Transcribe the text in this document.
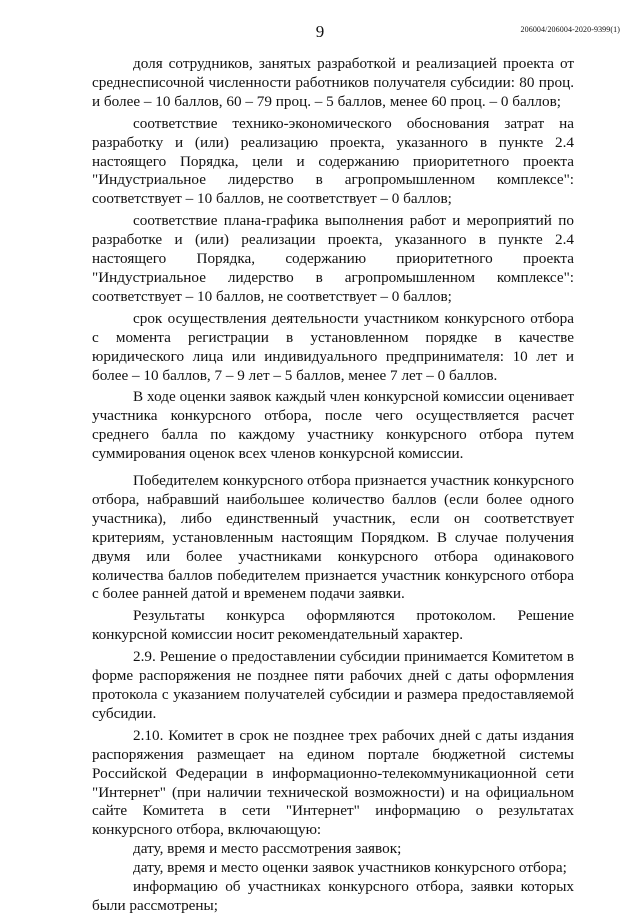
9	206004/206004-2020-9399(1)

доля сотрудников, занятых разработкой и реализацией проекта от среднесписочной численности работников получателя субсидии: 80 проц. и более – 10 баллов, 60 – 79 проц. – 5 баллов, менее 60 проц. – 0 баллов;

соответствие технико-экономического обоснования затрат на разработку и (или) реализацию проекта, указанного в пункте 2.4 настоящего Порядка, цели и содержанию приоритетного проекта "Индустриальное лидерство в агропромышленном комплексе": соответствует – 10 баллов, не соответствует – 0 баллов;

соответствие плана-графика выполнения работ и мероприятий по разработке и (или) реализации проекта, указанного в пункте 2.4 настоящего Порядка, содержанию приоритетного проекта "Индустриальное лидерство в агропромышленном комплексе": соответствует – 10 баллов, не соответствует – 0 баллов;

срок осуществления деятельности участником конкурсного отбора с момента регистрации в установленном порядке в качестве юридического лица или индивидуального предпринимателя: 10 лет и более – 10 баллов, 7 – 9 лет – 5 баллов, менее 7 лет – 0 баллов.

В ходе оценки заявок каждый член конкурсной комиссии оценивает участника конкурсного отбора, после чего осуществляется расчет среднего балла по каждому участнику конкурсного отбора путем суммирования оценок всех членов конкурсной комиссии.

Победителем конкурсного отбора признается участник конкурсного отбора, набравший наибольшее количество баллов (если более одного участника), либо единственный участник, если он соответствует критериям, установленным настоящим Порядком. В случае получения двумя или более участниками конкурсного отбора одинакового количества баллов победителем признается участник конкурсного отбора с более ранней датой и временем подачи заявки.

Результаты конкурса оформляются протоколом. Решение конкурсной комиссии носит рекомендательный характер.

2.9. Решение о предоставлении субсидии принимается Комитетом в форме распоряжения не позднее пяти рабочих дней с даты оформления протокола с указанием получателей субсидии и размера предоставляемой субсидии.

2.10. Комитет в срок не позднее трех рабочих дней с даты издания распоряжения размещает на едином портале бюджетной системы Российской Федерации в информационно-телекоммуникационной сети "Интернет" (при наличии технической возможности) и на официальном сайте Комитета в сети "Интернет" информацию о результатах конкурсного отбора, включающую:

дату, время и место рассмотрения заявок;

дату, время и место оценки заявок участников конкурсного отбора;

информацию об участниках конкурсного отбора, заявки которых были рассмотрены;
